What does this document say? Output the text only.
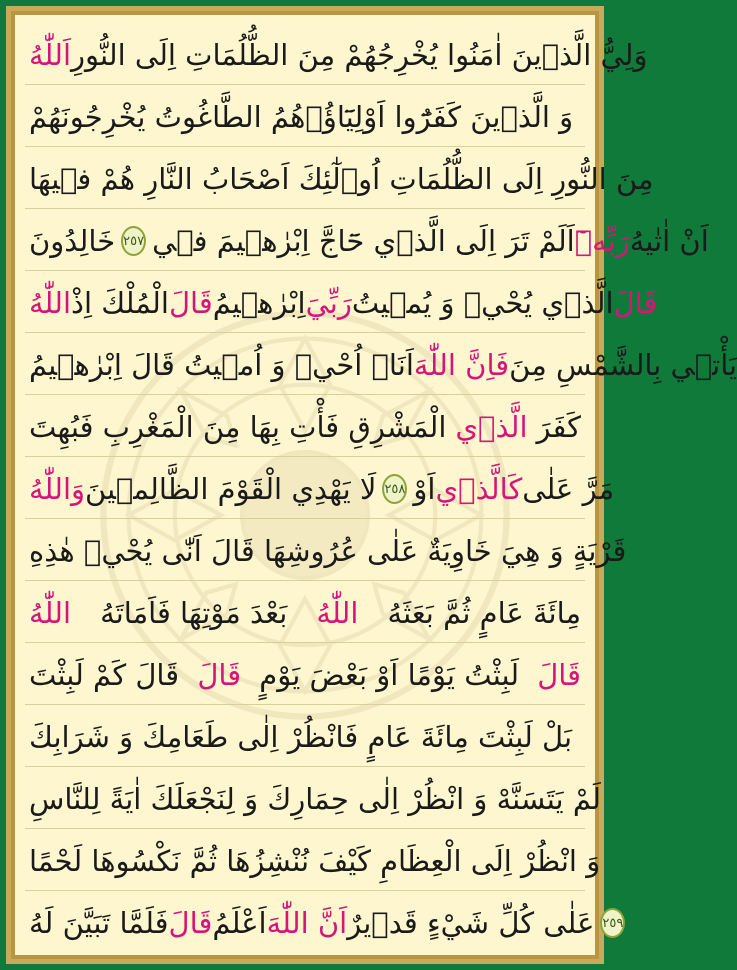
اَللّٰهُ وَلِيُّ الَّذ۪ينَ اٰمَنُوا يُخْرِجُهُمْ مِنَ الظُّلُمَاتِ اِلَى النُّورِ
وَ الَّذ۪ينَ كَفَرُٓوا اَوْلِيَٓاؤُ۬هُمُ الطَّاغُوتُ يُخْرِجُونَهُمْ
مِنَ النُّورِ اِلَى الظُّلُمَاتِ اُو۬لٰٓئِكَ اَصْحَابُ النَّارِ هُمْ ف۪يهَا
خَالِدُونَ ٢٥٧ اَلَمْ تَرَ اِلَى الَّذ۪ي حَٓاجَّ اِبْرٰه۪يمَ ف۪ي رَبِّه۪ٓ اَنْ اٰتٰيهُ
اللّٰهُ الْمُلْكَ اِذْ قَالَ اِبْرٰه۪يمُ رَبِّيَ الَّذ۪ي يُحْي۪ وَ يُم۪يتُ قَالَ
اَنَا۬ اُحْي۪ وَ اُم۪يتُ قَالَ اِبْرٰه۪يمُ فَاِنَّ اللّٰهَ يَأْت۪ي بِالشَّمْسِ مِنَ
الْمَشْرِقِ فَأْتِ بِهَا مِنَ الْمَغْرِبِ فَبُهِتَ الَّذ۪ي كَفَرَ
وَاللّٰهُ لَا يَهْدِي الْقَوْمَ الظَّالِم۪ينَ ٢٥٨ اَوْ كَالَّذ۪ي مَرَّ عَلٰى
قَرْيَةٍ وَ هِيَ خَاوِيَةٌ عَلٰى عُرُوشِهَا قَالَ اَنّٰى يُحْي۪ هٰذِهِ
اللّٰهُ بَعْدَ مَوْتِهَا فَاَمَاتَهُ اللّٰهُ مِائَةَ عَامٍ ثُمَّ بَعَثَهُ
قَالَ كَمْ لَبِثْتَ قَالَ لَبِثْتُ يَوْمًا اَوْ بَعْضَ يَوْمٍ قَالَ
بَلْ لَبِثْتَ مِائَةَ عَامٍ فَانْظُرْ اِلٰى طَعَامِكَ وَ شَرَابِكَ
لَمْ يَتَسَنَّهْ وَ انْظُرْ اِلٰى حِمَارِكَ وَ لِنَجْعَلَكَ اٰيَةً لِلنَّاسِ
وَ انْظُرْ اِلَى الْعِظَامِ كَيْفَ نُنْشِزُهَا ثُمَّ نَكْسُوهَا لَحْمًا
فَلَمَّا تَبَيَّنَ لَهُ قَالَ اَعْلَمُ اَنَّ اللّٰهَ عَلٰى كُلِّ شَيْءٍ قَد۪يرٌ ٢٥٩
